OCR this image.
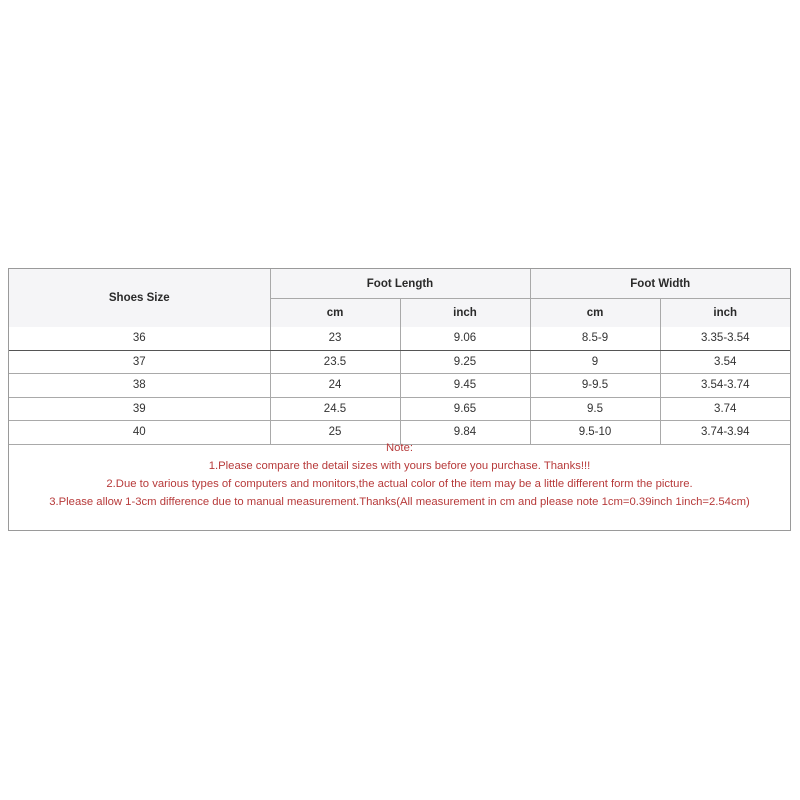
Shoes Size	Foot Length		Foot Width	
	cm	inch	cm	inch
36	23	9.06	8.5-9	3.35-3.54
37	23.5	9.25	9	3.54
38	24	9.45	9-9.5	3.54-3.74
39	24.5	9.65	9.5	3.74
40	25	9.84	9.5-10	3.74-3.94
Note:
1.Please compare the detail sizes with yours before you purchase. Thanks!!!
2.Due to various types of computers and monitors,the actual color of the item may be a little different form the picture.
3.Please allow 1-3cm difference due to manual measurement.Thanks(All measurement in cm and please note 1cm=0.39inch 1inch=2.54cm)
